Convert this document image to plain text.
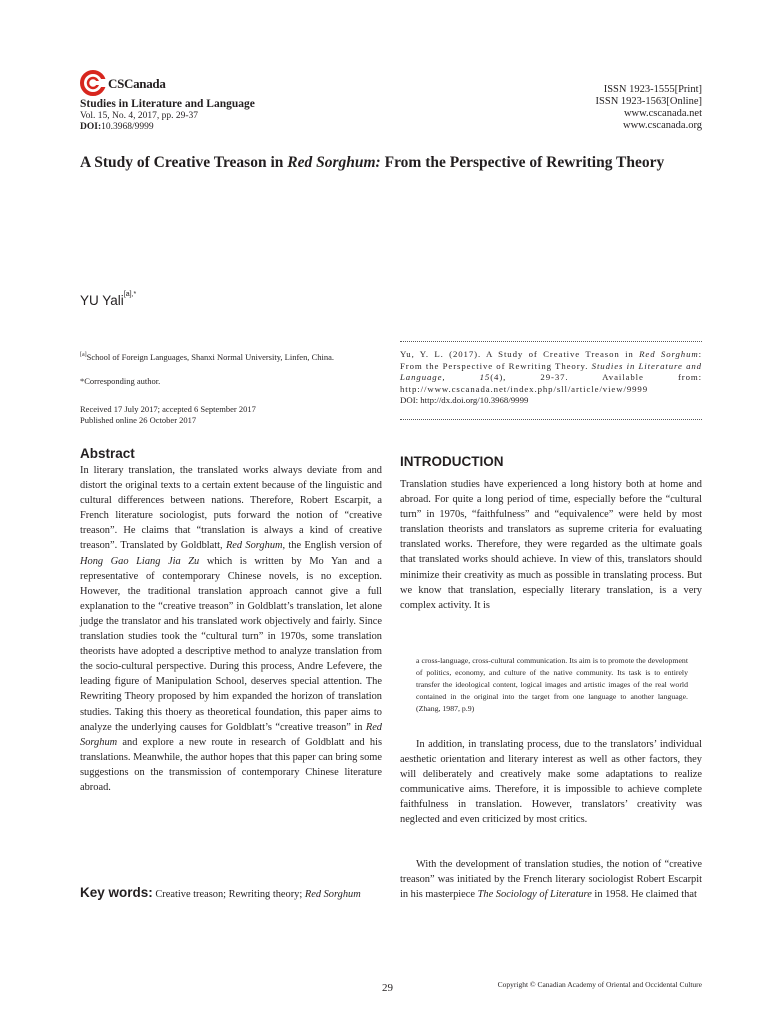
CSCanada
Studies in Literature and Language
Vol. 15, No. 4, 2017, pp. 29-37
DOI:10.3968/9999
ISSN 1923-1555[Print]
ISSN 1923-1563[Online]
www.cscanada.net
www.cscanada.org
A Study of Creative Treason in Red Sorghum: From the Perspective of Rewriting Theory
YU Yali$^{[a],*}$
[a]School of Foreign Languages, Shanxi Normal University, Linfen, China.
*Corresponding author.
Received 17 July 2017; accepted 6 September 2017
Published online 26 October 2017
Yu, Y. L. (2017). A Study of Creative Treason in Red Sorghum: From the Perspective of Rewriting Theory. Studies in Literature and Language, 15(4), 29-37. Available from: http://www.cscanada.net/index.php/sll/article/view/9999
DOI: http://dx.doi.org/10.3968/9999
Abstract
In literary translation, the translated works always deviate from and distort the original texts to a certain extent because of the linguistic and cultural differences between nations. Therefore, Robert Escarpit, a French literature sociologist, puts forward the notion of “creative treason”. He claims that “translation is always a kind of creative treason”. Translated by Goldblatt, Red Sorghum, the English version of Hong Gao Liang Jia Zu which is written by Mo Yan and a representative of contemporary Chinese novels, is no exception. However, the traditional translation approach cannot give a full explanation to the “creative treason” in Goldblatt’s translation, let alone judge the translator and his translated work objectively and fairly. Since translation studies took the “cultural turn” in 1970s, some translation theorists have adopted a descriptive method to analyze translation from the socio-cultural perspective. During this process, Andre Lefevere, the leading figure of Manipulation School, deserves special attention. The Rewriting Theory proposed by him expanded the horizon of translation studies. Taking this thoery as theoretical foundation, this paper aims to analyze the underlying causes for Goldblatt’s “creative treason” in Red Sorghum and explore a new route in research of Goldblatt and his translations. Meanwhile, the author hopes that this paper can bring some suggestions on the transmission of contemporary Chinese literature abroad.
Key words: Creative treason; Rewriting theory; Red Sorghum
INTRODUCTION
Translation studies have experienced a long history both at home and abroad. For quite a long period of time, especially before the “cultural turn” in 1970s, “faithfulness” and “equivalence” were held by most translation theorists and translators as supreme criteria for evaluating translated works. Therefore, they were regarded as the ultimate goals that translated works should achieve. In view of this, translators should minimize their creativity as much as possible in translating process. But we know that translation, especially literary translation, is a very complex activity. It is
a cross-language, cross-cultural communication. Its aim is to promote the development of politics, economy, and culture of the native community. Its task is to entirely transfer the ideological content, logical images and artistic images of the real world contained in the original into the target from one language to another language. (Zhang, 1987, p.9)
In addition, in translating process, due to the translators’ individual aesthetic orientation and literary interest as well as other factors, they will deliberately and creatively make some adaptations to realize communicative aims. Therefore, it is impossible to achieve complete faithfulness in translation. However, translators’ creativity was neglected and even criticized by most critics.
With the development of translation studies, the notion of “creative treason” was initiated by the French literary sociologist Robert Escarpit in his masterpiece The Sociology of Literature in 1958. He claimed that
29	Copyright © Canadian Academy of Oriental and Occidental Culture
